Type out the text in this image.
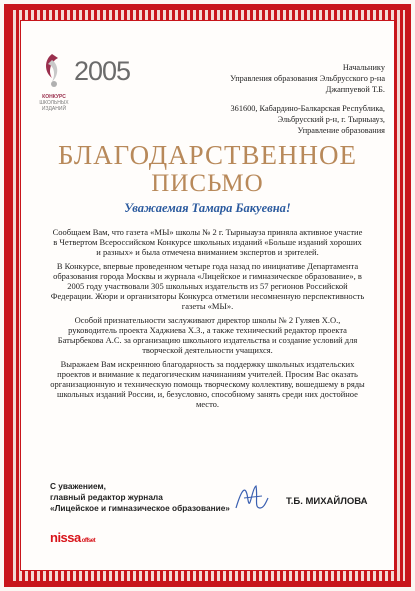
2005
КОНКУРС
ШКОЛЬНЫХ
ИЗДАНИЙ
Начальнику
Управления образования Эльбрусского р-на
Джаппуевой Т.Б.
361600, Кабардино-Балкарская Республика,
Эльбрусский р-н, г. Тырныауз,
Управление образования
БЛАГОДАРСТВЕННОЕ
ПИСЬМО
Уважаемая Тамара Бакуевна!

Сообщаем Вам, что газета «МЫ» школы № 2 г. Тырныауза приняла активное участие в Четвертом Всероссийском Конкурсе школьных изданий «Больше изданий хороших и разных» и была отмечена вниманием экспертов и зрителей.

В Конкурсе, впервые проведенном четыре года назад по инициативе Департамента образования города Москвы и журнала «Лицейское и гимназическое образование», в 2005 году участвовали 305 школьных издательств из 57 регионов Российской Федерации. Жюри и организаторы Конкурса отметили несомненную перспективность газеты «МЫ».

Особой признательности заслуживают директор школы № 2 Гуляев Х.О., руководитель проекта Хаджиева Х.З., а также технический редактор проекта Батырбекова А.С. за организацию школьного издательства и создание условий для творческой деятельности учащихся.

Выражаем Вам искреннюю благодарность за поддержку школьных издательских проектов и внимание к педагогическим начинаниям учителей. Просим Вас оказать организационную и техническую помощь творческому коллективу, вошедшему в ряды школьных изданий России, и, безусловно, способному занять среди них достойное место.

С уважением,
главный редактор журнала
«Лицейское и гимназическое образование»
Т.Б. МИХАЙЛОВА
nissaoffset
